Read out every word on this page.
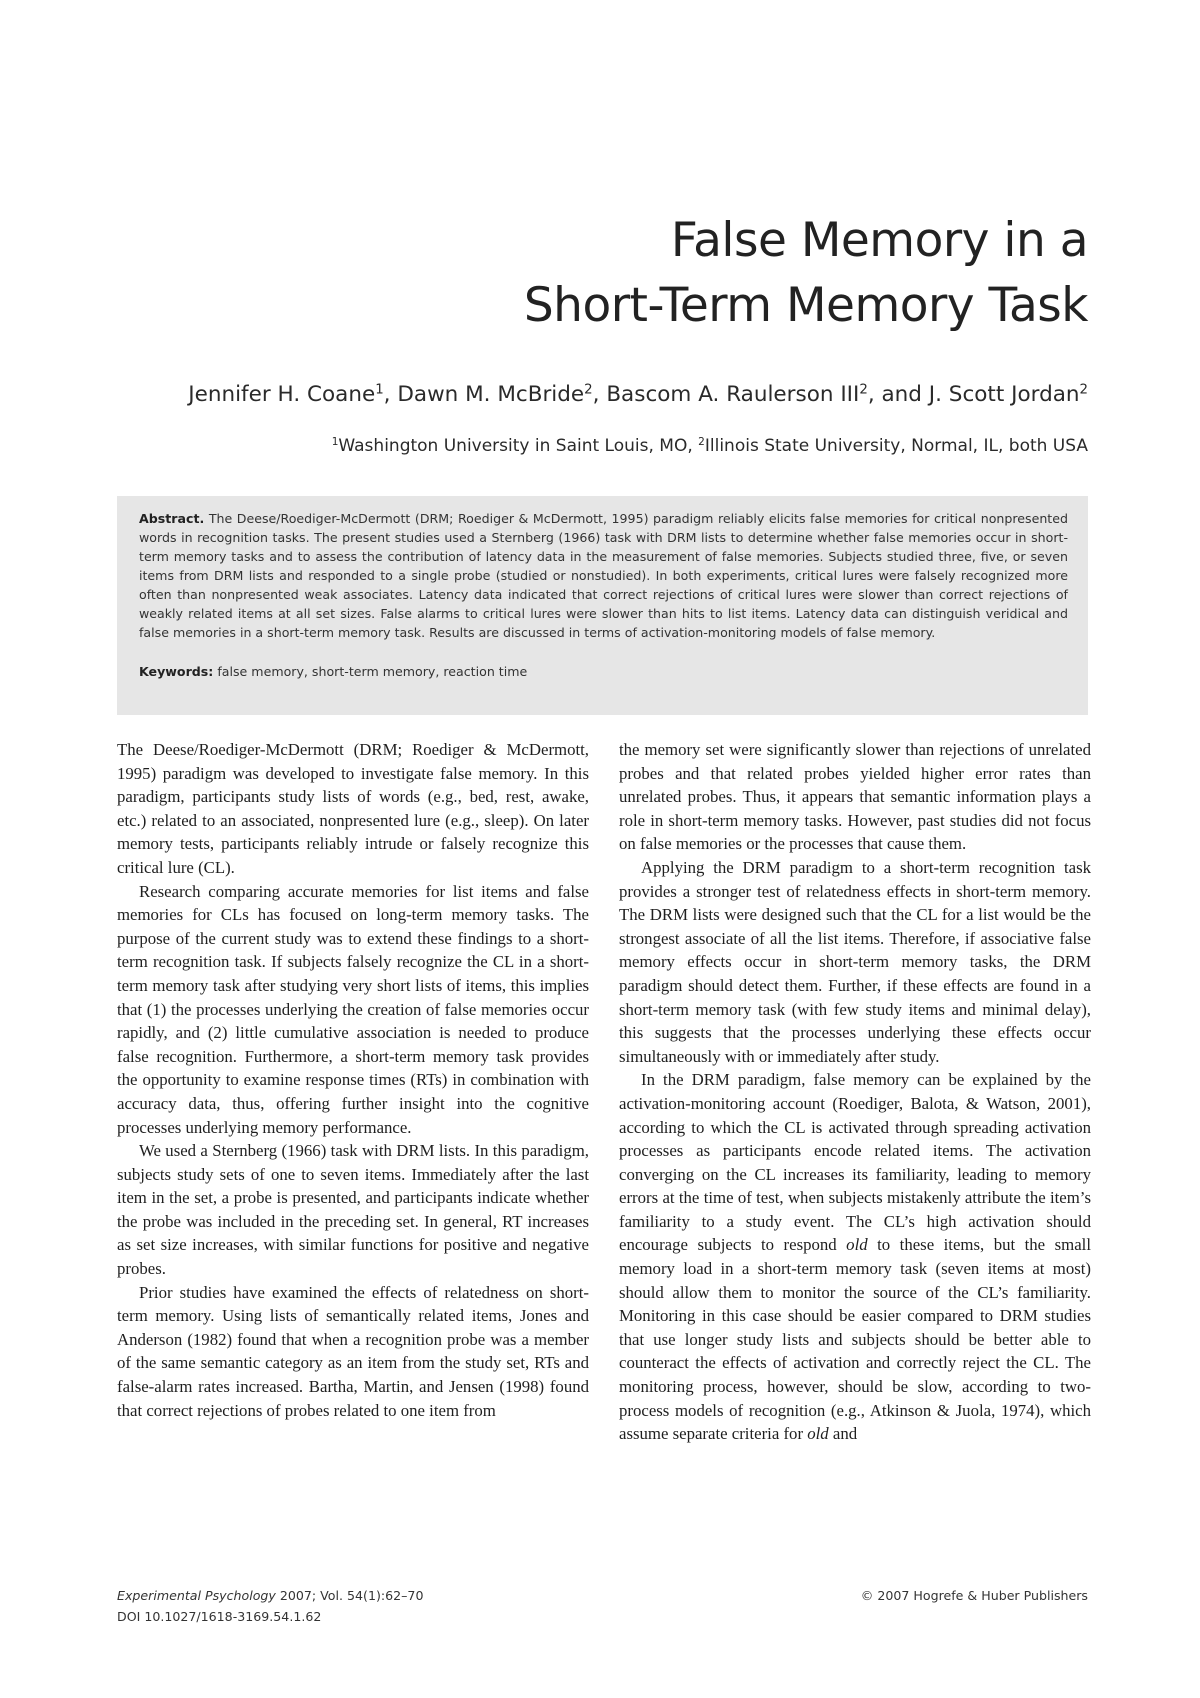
False Memory in a
Short-Term Memory Task

Jennifer H. Coane$^1$, Dawn M. McBride$^2$, Bascom A. Raulerson III$^2$, and J. Scott Jordan$^2$

$^1$Washington University in Saint Louis, MO, $^2$Illinois State University, Normal, IL, both USA

Abstract. The Deese/Roediger-McDermott (DRM; Roediger & McDermott, 1995) paradigm reliably elicits false memories for critical nonpresented words in recognition tasks. The present studies used a Sternberg (1966) task with DRM lists to determine whether false memories occur in short-term memory tasks and to assess the contribution of latency data in the measurement of false memories. Subjects studied three, five, or seven items from DRM lists and responded to a single probe (studied or nonstudied). In both experiments, critical lures were falsely recognized more often than nonpresented weak associates. Latency data indicated that correct rejections of critical lures were slower than correct rejections of weakly related items at all set sizes. False alarms to critical lures were slower than hits to list items. Latency data can distinguish veridical and false memories in a short-term memory task. Results are discussed in terms of activation-monitoring models of false memory.

Keywords: false memory, short-term memory, reaction time

The Deese/Roediger-McDermott (DRM; Roediger & McDermott, 1995) paradigm was developed to investigate false memory. In this paradigm, participants study lists of words (e.g., bed, rest, awake, etc.) related to an associated, nonpresented lure (e.g., sleep). On later memory tests, participants reliably intrude or falsely recognize this critical lure (CL).

Research comparing accurate memories for list items and false memories for CLs has focused on long-term memory tasks. The purpose of the current study was to extend these findings to a short-term recognition task. If subjects falsely recognize the CL in a short-term memory task after studying very short lists of items, this implies that (1) the processes underlying the creation of false memories occur rapidly, and (2) little cumulative association is needed to produce false recognition. Furthermore, a short-term memory task provides the opportunity to examine response times (RTs) in combination with accuracy data, thus, offering further insight into the cognitive processes underlying memory performance.

We used a Sternberg (1966) task with DRM lists. In this paradigm, subjects study sets of one to seven items. Immediately after the last item in the set, a probe is presented, and participants indicate whether the probe was included in the preceding set. In general, RT increases as set size increases, with similar functions for positive and negative probes.

Prior studies have examined the effects of relatedness on short-term memory. Using lists of semantically related items, Jones and Anderson (1982) found that when a recognition probe was a member of the same semantic category as an item from the study set, RTs and false-alarm rates increased. Bartha, Martin, and Jensen (1998) found that correct rejections of probes related to one item from

the memory set were significantly slower than rejections of unrelated probes and that related probes yielded higher error rates than unrelated probes. Thus, it appears that semantic information plays a role in short-term memory tasks. However, past studies did not focus on false memories or the processes that cause them.

Applying the DRM paradigm to a short-term recognition task provides a stronger test of relatedness effects in short-term memory. The DRM lists were designed such that the CL for a list would be the strongest associate of all the list items. Therefore, if associative false memory effects occur in short-term memory tasks, the DRM paradigm should detect them. Further, if these effects are found in a short-term memory task (with few study items and minimal delay), this suggests that the processes underlying these effects occur simultaneously with or immediately after study.

In the DRM paradigm, false memory can be explained by the activation-monitoring account (Roediger, Balota, & Watson, 2001), according to which the CL is activated through spreading activation processes as participants encode related items. The activation converging on the CL increases its familiarity, leading to memory errors at the time of test, when subjects mistakenly attribute the item’s familiarity to a study event. The CL’s high activation should encourage subjects to respond old to these items, but the small memory load in a short-term memory task (seven items at most) should allow them to monitor the source of the CL’s familiarity. Monitoring in this case should be easier compared to DRM studies that use longer study lists and subjects should be better able to counteract the effects of activation and correctly reject the CL. The monitoring process, however, should be slow, according to two-process models of recognition (e.g., Atkinson & Juola, 1974), which assume separate criteria for old and

Experimental Psychology 2007; Vol. 54(1):62–70
DOI 10.1027/1618-3169.54.1.62
© 2007 Hogrefe & Huber Publishers
